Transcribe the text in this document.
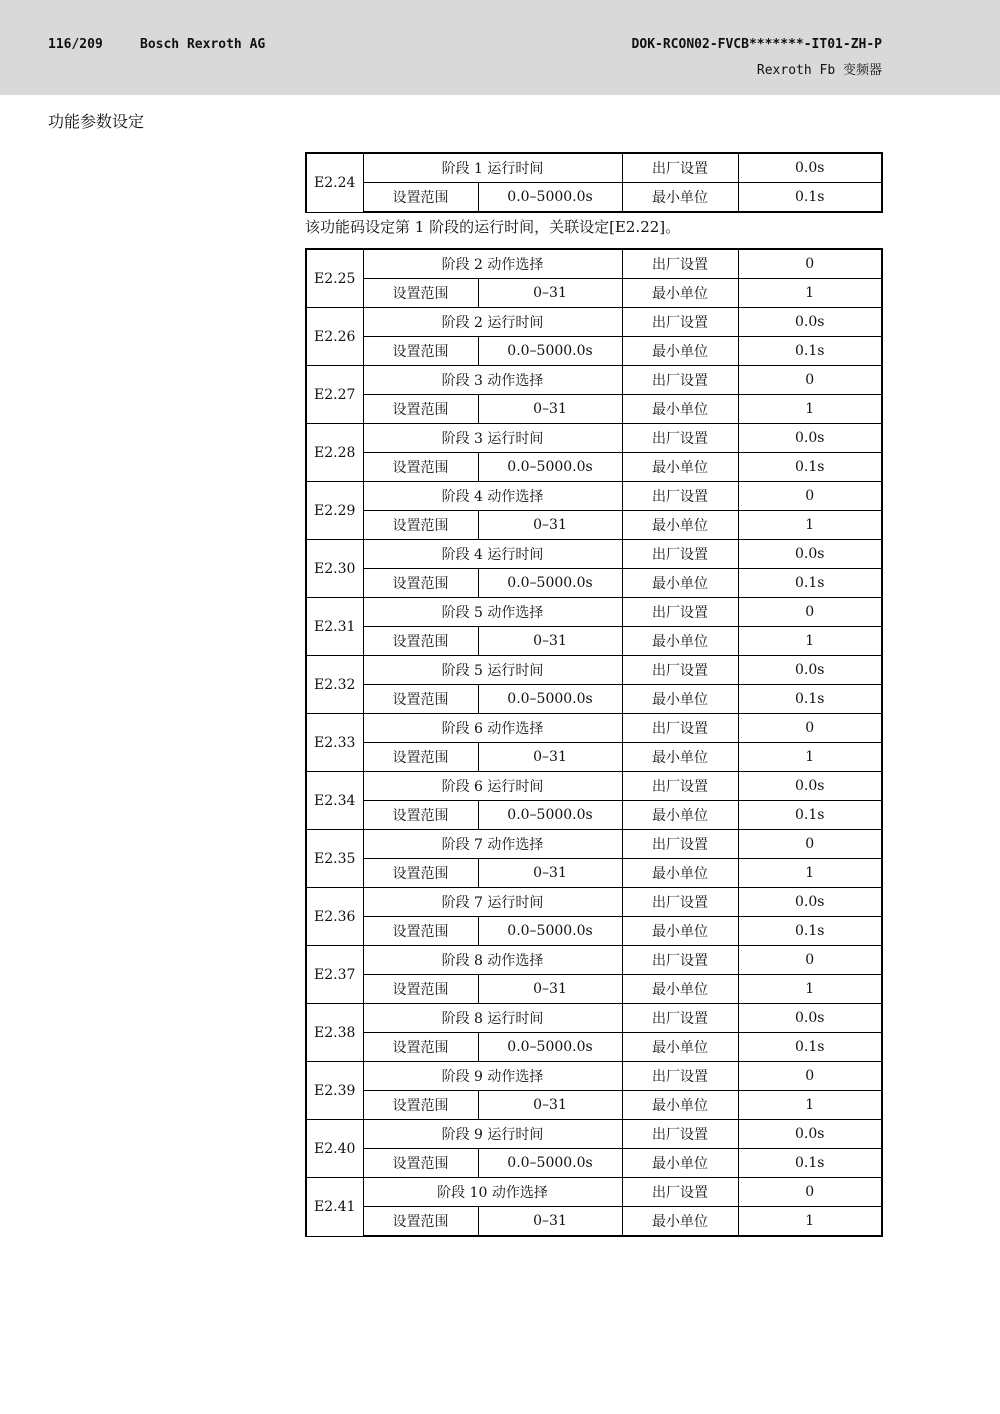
116/209	Bosch Rexroth AG	DOK-RCON02-FVCB*******-IT01-ZH-P
Rexroth Fb 变频器
功能参数设定
E2.24	阶段 1 运行时间		出厂设置	0.0s
	设置范围	0.0–5000.0s	最小单位	0.1s
该功能码设定第 1 阶段的运行时间，关联设定[E2.22]。
E2.25	阶段 2 动作选择		出厂设置	0
	设置范围	0–31	最小单位	1
E2.26	阶段 2 运行时间		出厂设置	0.0s
	设置范围	0.0–5000.0s	最小单位	0.1s
E2.27	阶段 3 动作选择		出厂设置	0
	设置范围	0–31	最小单位	1
E2.28	阶段 3 运行时间		出厂设置	0.0s
	设置范围	0.0–5000.0s	最小单位	0.1s
E2.29	阶段 4 动作选择		出厂设置	0
	设置范围	0–31	最小单位	1
E2.30	阶段 4 运行时间		出厂设置	0.0s
	设置范围	0.0–5000.0s	最小单位	0.1s
E2.31	阶段 5 动作选择		出厂设置	0
	设置范围	0–31	最小单位	1
E2.32	阶段 5 运行时间		出厂设置	0.0s
	设置范围	0.0–5000.0s	最小单位	0.1s
E2.33	阶段 6 动作选择		出厂设置	0
	设置范围	0–31	最小单位	1
E2.34	阶段 6 运行时间		出厂设置	0.0s
	设置范围	0.0–5000.0s	最小单位	0.1s
E2.35	阶段 7 动作选择		出厂设置	0
	设置范围	0–31	最小单位	1
E2.36	阶段 7 运行时间		出厂设置	0.0s
	设置范围	0.0–5000.0s	最小单位	0.1s
E2.37	阶段 8 动作选择		出厂设置	0
	设置范围	0–31	最小单位	1
E2.38	阶段 8 运行时间		出厂设置	0.0s
	设置范围	0.0–5000.0s	最小单位	0.1s
E2.39	阶段 9 动作选择		出厂设置	0
	设置范围	0–31	最小单位	1
E2.40	阶段 9 运行时间		出厂设置	0.0s
	设置范围	0.0–5000.0s	最小单位	0.1s
E2.41	阶段 10 动作选择		出厂设置	0
	设置范围	0–31	最小单位	1
